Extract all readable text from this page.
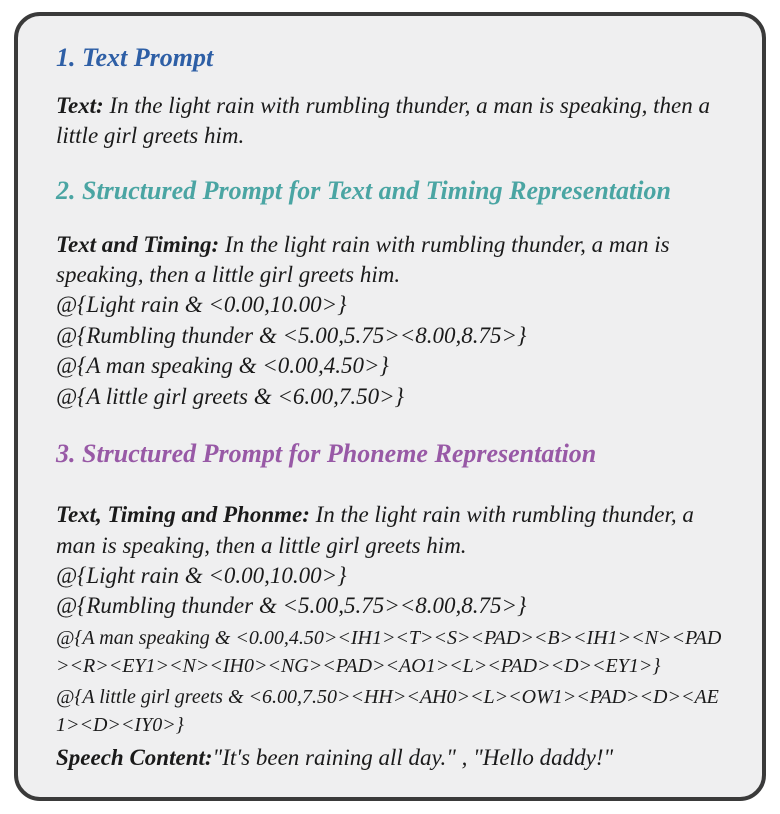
1. Text Prompt

Text: In the light rain with rumbling thunder, a man is speaking, then a little girl greets him.

2. Structured Prompt for Text and Timing Representation

Text and Timing: In the light rain with rumbling thunder, a man is speaking, then a little girl greets him.

@{Light rain & <0.00,10.00>}

@{Rumbling thunder & <5.00,5.75><8.00,8.75>}

@{A man speaking & <0.00,4.50>}

@{A little girl greets & <6.00,7.50>}

3. Structured Prompt for Phoneme Representation

Text, Timing and Phonme: In the light rain with rumbling thunder, a man is speaking, then a little girl greets him.

@{Light rain & <0.00,10.00>}

@{Rumbling thunder & <5.00,5.75><8.00,8.75>}

@{A man speaking & <0.00,4.50><IH1><T><S><PAD><B><IH1><N><PAD><R><EY1><N><IH0><NG><PAD><AO1><L><PAD><D><EY1>}

@{A little girl greets & <6.00,7.50><HH><AH0><L><OW1><PAD><D><AE1><D><IY0>}

Speech Content:"It's been raining all day." , "Hello daddy!"
